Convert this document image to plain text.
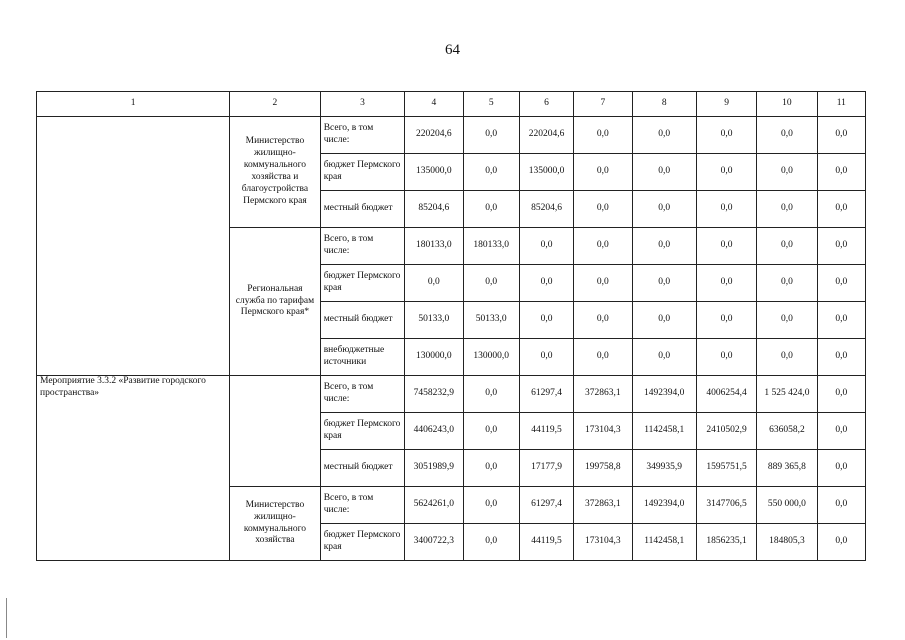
64
1	2	3	4	5	6	7	8	9	10	11
	Министерство жилищно-коммунального хозяйства и благоустройства Пермского края	Всего, в том числе:	220204,6	0,0	220204,6	0,0	0,0	0,0	0,0	0,0
		бюджет Пермского края	135000,0	0,0	135000,0	0,0	0,0	0,0	0,0	0,0
		местный бюджет	85204,6	0,0	85204,6	0,0	0,0	0,0	0,0	0,0
	Региональная служба по тарифам Пермского края*	Всего, в том числе:	180133,0	180133,0	0,0	0,0	0,0	0,0	0,0	0,0
		бюджет Пермского края	0,0	0,0	0,0	0,0	0,0	0,0	0,0	0,0
		местный бюджет	50133,0	50133,0	0,0	0,0	0,0	0,0	0,0	0,0
		внебюджетные источники	130000,0	130000,0	0,0	0,0	0,0	0,0	0,0	0,0
Мероприятие 3.3.2 «Развитие городского пространства»		Всего, в том числе:	7458232,9	0,0	61297,4	372863,1	1492394,0	4006254,4	1 525 424,0	0,0
		бюджет Пермского края	4406243,0	0,0	44119,5	173104,3	1142458,1	2410502,9	636058,2	0,0
		местный бюджет	3051989,9	0,0	17177,9	199758,8	349935,9	1595751,5	889 365,8	0,0
	Министерство жилищно-коммунального хозяйства	Всего, в том числе:	5624261,0	0,0	61297,4	372863,1	1492394,0	3147706,5	550 000,0	0,0
		бюджет Пермского края	3400722,3	0,0	44119,5	173104,3	1142458,1	1856235,1	184805,3	0,0
